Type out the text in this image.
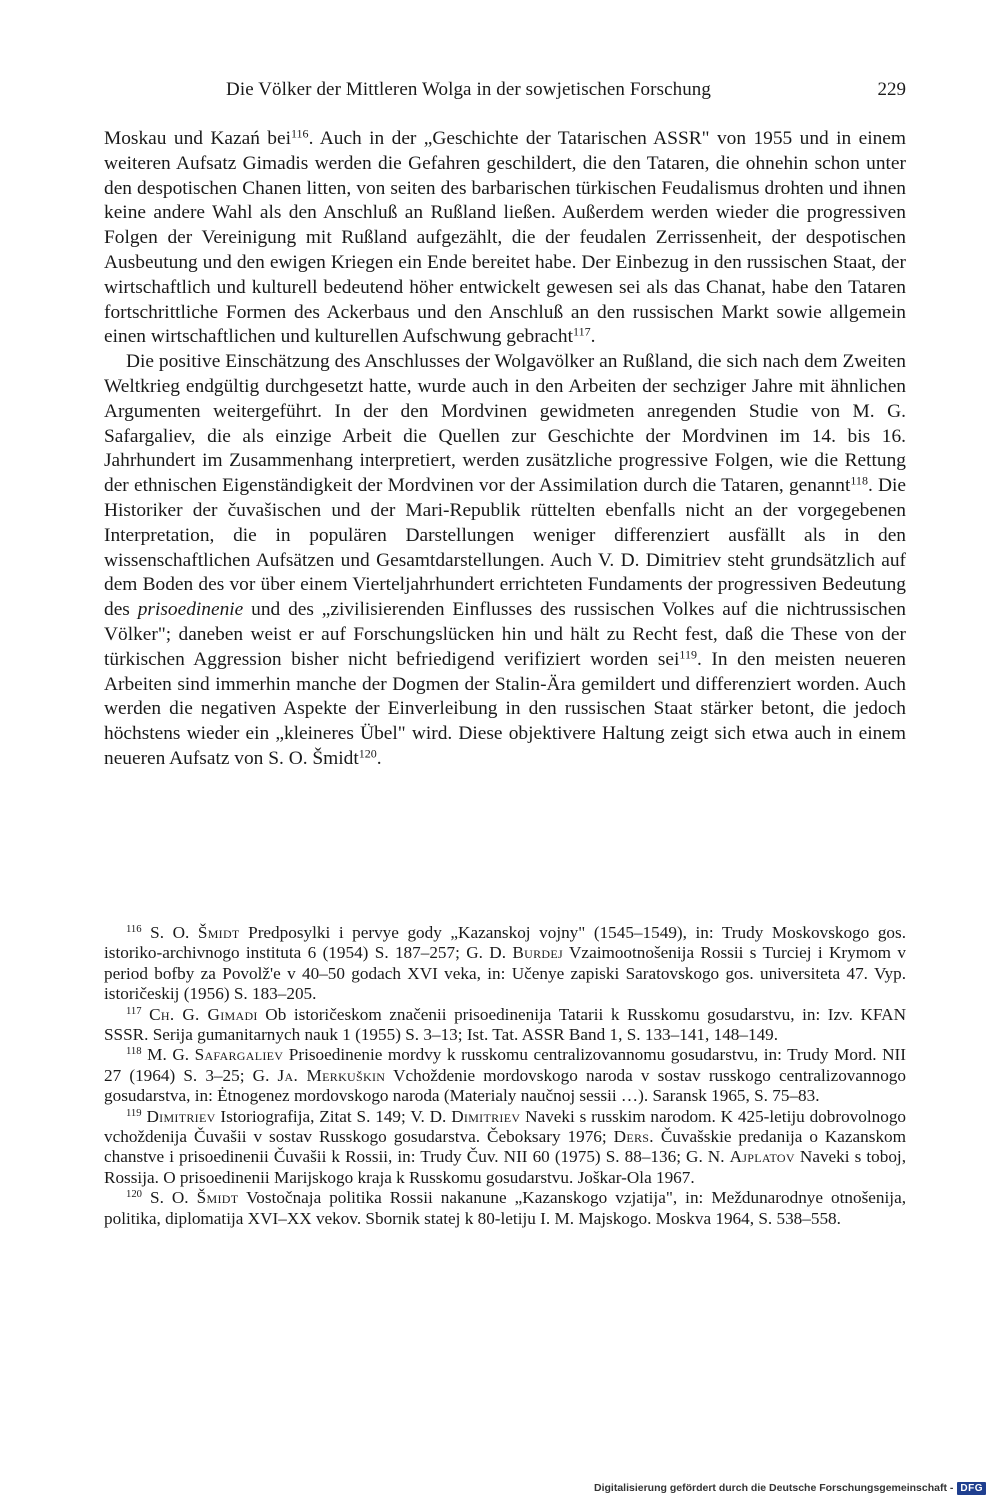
Die Völker der Mittleren Wolga in der sowjetischen Forschung	229

Moskau und Kazań bei$^{116}$. Auch in der „Geschichte der Tatarischen ASSR" von 1955 und in einem weiteren Aufsatz Gimadis werden die Gefahren geschildert, die den Tataren, die ohnehin schon unter den despotischen Chanen litten, von seiten des barbarischen türkischen Feudalismus drohten und ihnen keine andere Wahl als den Anschluß an Rußland ließen. Außerdem werden wieder die progressiven Folgen der Vereinigung mit Rußland aufgezählt, die der feudalen Zerrissenheit, der despotischen Ausbeutung und den ewigen Kriegen ein Ende bereitet habe. Der Einbezug in den russischen Staat, der wirtschaftlich und kulturell bedeutend höher entwickelt gewesen sei als das Chanat, habe den Tataren fortschrittliche Formen des Ackerbaus und den Anschluß an den russischen Markt sowie allgemein einen wirtschaftlichen und kulturellen Aufschwung gebracht$^{117}$.

Die positive Einschätzung des Anschlusses der Wolgavölker an Rußland, die sich nach dem Zweiten Weltkrieg endgültig durchgesetzt hatte, wurde auch in den Arbeiten der sechziger Jahre mit ähnlichen Argumenten weitergeführt. In der den Mordvinen gewidmeten anregenden Studie von M. G. Safargaliev, die als einzige Arbeit die Quellen zur Geschichte der Mordvinen im 14. bis 16. Jahrhundert im Zusammenhang interpretiert, werden zusätzliche progressive Folgen, wie die Rettung der ethnischen Eigenständigkeit der Mordvinen vor der Assimilation durch die Tataren, genannt$^{118}$. Die Historiker der čuvašischen und der Mari-Republik rüttelten ebenfalls nicht an der vorgegebenen Interpretation, die in populären Darstellungen weniger differenziert ausfällt als in den wissenschaftlichen Aufsätzen und Gesamtdarstellungen. Auch V. D. Dimitriev steht grundsätzlich auf dem Boden des vor über einem Vierteljahrhundert errichteten Fundaments der progressiven Bedeutung des prisoedinenie und des „zivilisierenden Einflusses des russischen Volkes auf die nichtrussischen Völker"; daneben weist er auf Forschungslücken hin und hält zu Recht fest, daß die These von der türkischen Aggression bisher nicht befriedigend verifiziert worden sei$^{119}$. In den meisten neueren Arbeiten sind immerhin manche der Dogmen der Stalin-Ära gemildert und differenziert worden. Auch werden die negativen Aspekte der Einverleibung in den russischen Staat stärker betont, die jedoch höchstens wieder ein „kleineres Übel" wird. Diese objektivere Haltung zeigt sich etwa auch in einem neueren Aufsatz von S. O. Šmidt$^{120}$.

$^{116}$ S. O. Šmidt Predposylki i pervye gody „Kazanskoj vojny" (1545–1549), in: Trudy Moskovskogo gos. istoriko-archivnogo instituta 6 (1954) S. 187–257; G. D. Burdej Vzaimootnošenija Rossii s Turciej i Krymom v period bofby za Povolž'e v 40–50 godach XVI veka, in: Učenye zapiski Saratovskogo gos. universiteta 47. Vyp. istoričeskij (1956) S. 183–205.

$^{117}$ Ch. G. Gimadi Ob istoričeskom značenii prisoedinenija Tatarii k Russkomu gosudarstvu, in: Izv. KFAN SSSR. Serija gumanitarnych nauk 1 (1955) S. 3–13; Ist. Tat. ASSR Band 1, S. 133–141, 148–149.

$^{118}$ M. G. Safargaliev Prisoedinenie mordvy k russkomu centralizovannomu gosudarstvu, in: Trudy Mord. NII 27 (1964) S. 3–25; G. Ja. Merkuškin Vchoždenie mordovskogo naroda v sostav russkogo centralizovannogo gosudarstva, in: Ėtnogenez mordovskogo naroda (Materialy naučnoj sessii …). Saransk 1965, S. 75–83.

$^{119}$ Dimitriev Istoriografija, Zitat S. 149; V. D. Dimitriev Naveki s russkim narodom. K 425-letiju dobrovolnogo vchoždenija Čuvašii v sostav Russkogo gosudarstva. Čeboksary 1976; Ders. Čuvašskie predanija o Kazanskom chanstve i prisoedinenii Čuvašii k Rossii, in: Trudy Čuv. NII 60 (1975) S. 88–136; G. N. Ajplatov Naveki s toboj, Rossija. O prisoedinenii Marijskogo kraja k Russkomu gosudarstvu. Joškar-Ola 1967.

$^{120}$ S. O. Šmidt Vostočnaja politika Rossii nakanune „Kazanskogo vzjatija", in: Meždunarodnye otnošenija, politika, diplomatija XVI–XX vekov. Sbornik statej k 80-letiju I. M. Majskogo. Moskva 1964, S. 538–558.

Digitalisierung gefördert durch die Deutsche Forschungsgemeinschaft - DFG
